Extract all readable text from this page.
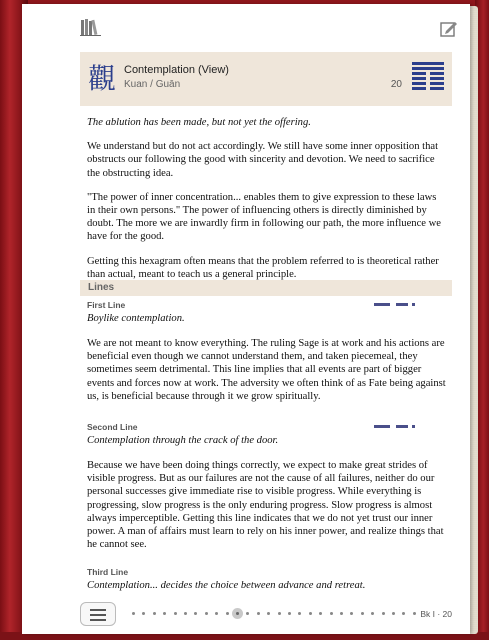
觀 Contemplation (View)
Kuan / Guān	20

The ablution has been made, but not yet the offering.

We understand but do not act accordingly. We still have some inner opposition that obstructs our following the good with sincerity and devotion. We need to sacrifice the obstructing idea.

"The power of inner concentration... enables them to give expression to these laws in their own persons." The power of influencing others is directly diminished by doubt. The more we are inwardly firm in following our path, the more influence we have for the good.

Getting this hexagram often means that the problem referred to is theoretical rather than actual, meant to teach us a general principle.

Lines
First Line
Boylike contemplation.

We are not meant to know everything. The ruling Sage is at work and his actions are beneficial even though we cannot understand them, and taken piecemeal, they sometimes seem detrimental. This line implies that all events are part of bigger events and forces now at work. The adversity we often think of as Fate being against us, is beneficial because through it we grow spiritually.

Second Line
Contemplation through the crack of the door.

Because we have been doing things correctly, we expect to make great strides of visible progress. But as our failures are not the cause of all failures, neither do our personal successes give immediate rise to visible progress. While everything is progressing, slow progress is the only enduring progress. Slow progress is almost always imperceptible. Getting this line indicates that we do not yet trust our inner power. A man of affairs must learn to rely on his inner power, and realize things that he cannot see.

Third Line
Contemplation... decides the choice between advance and retreat.
Bk I · 20
